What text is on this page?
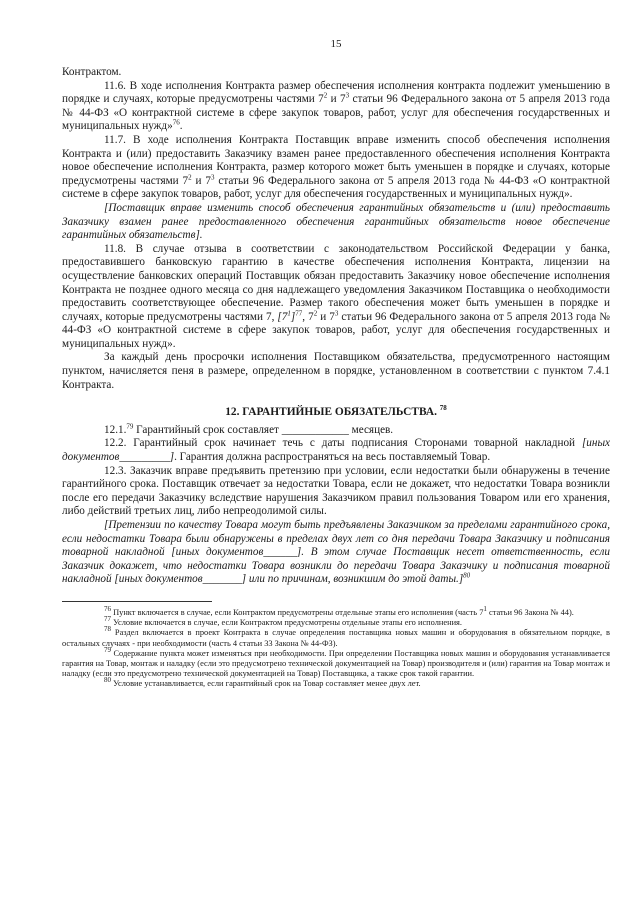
15

Контрактом.

11.6. В ходе исполнения Контракта размер обеспечения исполнения контракта подлежит уменьшению в порядке и случаях, которые предусмотрены частями $7^2$ и $7^3$ статьи 96 Федерального закона от 5 апреля 2013 года № 44-ФЗ «О контрактной системе в сфере закупок товаров, работ, услуг для обеспечения государственных и муниципальных нужд»$^{76}$.

11.7. В ходе исполнения Контракта Поставщик вправе изменить способ обеспечения исполнения Контракта и (или) предоставить Заказчику взамен ранее предоставленного обеспечения исполнения Контракта новое обеспечение исполнения Контракта, размер которого может быть уменьшен в порядке и случаях, которые предусмотрены частями $7^2$ и $7^3$ статьи 96 Федерального закона от 5 апреля 2013 года № 44-ФЗ «О контрактной системе в сфере закупок товаров, работ, услуг для обеспечения государственных и муниципальных нужд».

[Поставщик вправе изменить способ обеспечения гарантийных обязательств и (или) предоставить Заказчику взамен ранее предоставленного обеспечения гарантийных обязательств новое обеспечение гарантийных обязательств].

11.8. В случае отзыва в соответствии с законодательством Российской Федерации у банка, предоставившего банковскую гарантию в качестве обеспечения исполнения Контракта, лицензии на осуществление банковских операций Поставщик обязан предоставить Заказчику новое обеспечение исполнения Контракта не позднее одного месяца со дня надлежащего уведомления Заказчиком Поставщика о необходимости предоставить соответствующее обеспечение. Размер такого обеспечения может быть уменьшен в порядке и случаях, которые предусмотрены частями 7, $[7^1]^{77}$, $7^2$ и $7^3$ статьи 96 Федерального закона от 5 апреля 2013 года № 44-ФЗ «О контрактной системе в сфере закупок товаров, работ, услуг для обеспечения государственных и муниципальных нужд».

За каждый день просрочки исполнения Поставщиком обязательства, предусмотренного настоящим пунктом, начисляется пеня в размере, определенном в порядке, установленном в соответствии с пунктом 7.4.1 Контракта.

12. ГАРАНТИЙНЫЕ ОБЯЗАТЕЛЬСТВА. $^{78}$

12.1.79 Гарантийный срок составляет ____________ месяцев.

12.2. Гарантийный срок начинает течь с даты подписания Сторонами товарной накладной [иных документов_________]. Гарантия должна распространяться на весь поставляемый Товар.

12.3. Заказчик вправе предъявить претензию при условии, если недостатки были обнаружены в течение гарантийного срока. Поставщик отвечает за недостатки Товара, если не докажет, что недостатки Товара возникли после его передачи Заказчику вследствие нарушения Заказчиком правил пользования Товаром или его хранения, либо действий третьих лиц, либо непреодолимой силы.

[Претензии по качеству Товара могут быть предъявлены Заказчиком за пределами гарантийного срока, если недостатки Товара были обнаружены в пределах двух лет со дня передачи Товара Заказчику и подписания товарной накладной [иных документов______]. В этом случае Поставщик несет ответственность, если Заказчик докажет, что недостатки Товара возникли до передачи Товара Заказчику и подписания товарной накладной [иных документов_______] или по причинам, возникшим до этой даты.]$^{80}$

$^{76}$ Пункт включается в случае, если Контрактом предусмотрены отдельные этапы его исполнения (часть $7^1$ статьи 96 Закона № 44).

$^{77}$ Условие включается в случае, если Контрактом предусмотрены отдельные этапы его исполнения.

$^{78}$ Раздел включается в проект Контракта в случае определения поставщика новых машин и оборудования в обязательном порядке, в остальных случаях - при необходимости (часть 4 статьи 33 Закона № 44-ФЗ).

$^{79}$ Содержание пункта может изменяться при необходимости. При определении Поставщика новых машин и оборудования устанавливается гарантия на Товар, монтаж и наладку (если это предусмотрено технической документацией на Товар) производителя и (или) гарантия на Товар монтаж и наладку (если это предусмотрено технической документацией на Товар) Поставщика, а также срок такой гарантии.

$^{80}$ Условие устанавливается, если гарантийный срок на Товар составляет менее двух лет.
